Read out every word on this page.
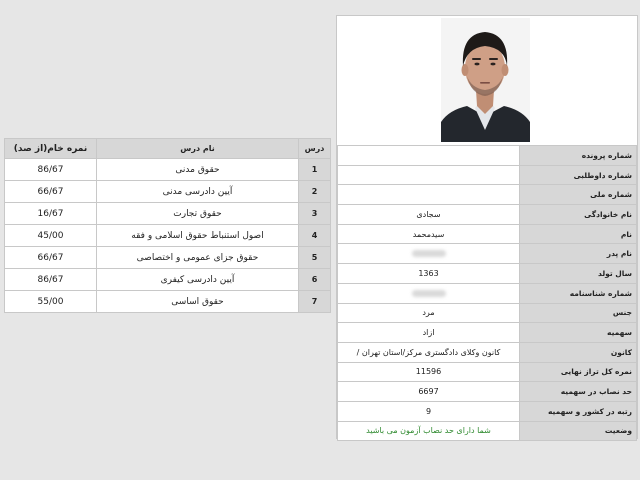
نمره خام(از صد)	نام درس	درس
86/67	حقوق مدنی	1
66/67	آیین دادرسی مدنی	2
16/67	حقوق تجارت	3
45/00	اصول استنباط حقوق اسلامی و فقه	4
66/67	حقوق جزای عمومی و اختصاصی	5
86/67	آیین دادرسی کیفری	6
55/00	حقوق اساسی	7
	شماره پرونده
	شماره داوطلبی
	شماره ملی
سجادی	نام خانوادگی
سیدمحمد	نام
	نام پدر
1363	سال تولد
	شماره شناسنامه
مرد	جنس
ازاد	سهمیه
/ کانون وکلای دادگستری مرکز/استان تهران	کانون
11596	نمره کل تراز نهایی
6697	حد نصاب در سهمیه
9	رتبه در کشور و سهمیه
شما دارای حد نصاب آزمون می باشید	وضعیت
